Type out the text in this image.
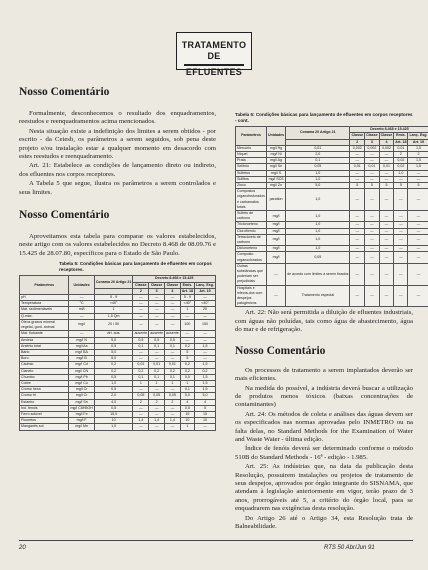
TRATAMENTO
DE
EFLUENTES
Nosso Comentário

Formalmente, desconhecemos o resultado dos enquadramentos, reestudos e reenquadramentos acima mencionados.

Nesta situação existe a indefinição dos limites a serem obtidos - por escrito - da Cetesb, os parâmetros a serem seguidos, sob pena deste projeto e/ou instalação estar a qualquer momento em desacordo com estes reestudos e reenquadramento.

Art. 21: Estabelece as condições de lançamento direto ou indireto, dos efluentes nos corpos receptores.

A Tabela 5 que segue, ilustra os parâmetros a serem controlados e seus limites.

Nosso Comentário

Aproveitamos esta tabela para comparar os valores estabelecidos, neste artigo com os valores estabelecidos no Decreto 8.468 de 08.09.76 e 15.425 de 28.07.80, específicos para o Estado de São Paulo.

Tabela 5: Condições básicas para lançamento de efluentes em corpos receptores.
Parâmetros	Unidades	Conama 20 Artigo 21	Decreto 8.468 e 15.425				
			Classe	Classe	Classe	Emis.	Lanç. Esg.
			2	3	4	Art. 18	Art. 19
pH	—	5 - 9	—	—	—	5 - 9	—
Temperatura	°C	<40°	—	—	—	<40°	<40°
Mat. sedimentáveis	ml/l	1	—	—	—	1	20
Q.máx.	—	1,5 Qm	—	—	—	—	—
Óleos graxos mineral vegetal, gord. animal	mg/l	20 / 50	—	—	—	100	150
Mat. flutuante	—	virt. aus.	ausente	ausente	ausente	—	—
Amônia	mg/l N	5,0	0,5	0,5	0,5	—	—
Arsênio total	mg/l As	0,5	0,1	0,1	0,1	0,2	1,5
Bário	mg/l BA	5,0	—	—	—	5	—
Boro	mg/l B	5,0	—	—	—	5	—
Cádmio	mg/l Cd	0,2	0,01	0,01	0,01	0,2	1,5
Cianeto	mg/l CN	0,2	0,2	0,2	0,2	0,2	0,2
Chumbo	mg/l Pb	0,5	0,1	0,1	0,1	0,5	1,5
Cobre	mg/l Cu	1,0	1	1	1	1	1,5
Cromo hexa	mg/l Cr	0,5	—	—	—	0,1	1,5
Cromo tri	mg/l Cr	2,0	0,05	0,05	0,05	5,0	5,0
Estanho	mg/l Sn	4,0	2	2	2	4	4
Índ. fenóis	mg/l C6H5OH	0,5	—	—	—	0,5	5
Ferro solúvel	mg/l Fe	15,0	—	—	—	15	15
Fluoretos	mg/l F	10	1,4	1,4	1,4	10	10
Manganês sol.	mg/l Mn	1,0	—	—	—	1	—
Tabela 5: Condições básicas para lançamento de efluentes em corpos receptores - cont.
Parâmetros	Unidades	Conama 20 Artigo 21	Decreto 8.468 e 15.425				
			Classe	Classe	Classe	Emis.	Lanç. Esg.
			2	3	4	Art. 18	Art. 19
Mercúrio	mg/l Hg	0,01	0,002	0,002	0,002	0,01	1,5
Níquel	mg/l Ni	2,0	—	—	—	2	2
Prata	mg/l Ag	0,1	—	—	—	0,02	1,5
Selênio	mg/l Se	0,05	0,01	0,01	0,01	0,02	1,5
Sulfetos	mg/l S	1,0	—	—	—	1,0	—
Sulfitos	mg/l SO3	1,0	—	—	—	—	—
Zinco	mg/l Zn	5,0	5	5	5	5	5
Compostos organofosforados e carbamatos totais	paration	1,0	—	—	—	—	—
Sulfeto de carbono	mg/l	1,0	—	—	—	—	—
Tricloroeteno	mg/l	1,0	—	—	—	—	—
Clorofórmio	mg/l	1,0	—	—	—	—	—
Tetracloreto de carbono	mg/l	1,0	—	—	—	—	—
Dicloroeteno	mg/l	1,0	—	—	—	—	—
Composto organoclorados	mg/l	0,05	—	—	—	—	—
Outras substâncias que poderiam ser prejudiciais	—	de acordo com limites a serem fixados	—	—	—	—	—
Hospitais e infecta-dos com despejos patogênicos	—	Tratamento especial	—	—	—	—	—

Art. 22: Não será permitida a diluição de efluentes industriais, com águas não poluídas, tais como água de abastecimento, água do mar e de refrigeração.

Nosso Comentário

Os processos de tratamento a serem implantados deverão ser mais eficientes.

Na medida do possível, a indústria deverá buscar a utilização de produtos menos tóxicos (baixas concentrações de contaminantes)

Art. 24: Os métodos de coleta e análises das águas devem ser os especificados nas normas aprovadas pelo INMETRO ou na falta delas, no Standard Methods for the Examination of Water and Waste Water - última edição.

Índice de fenóis deverá ser determinado conforme o método 510B do Standard Methods - 16ª - edição - 1.985.

Art. 25: As indústrias que, na data da publicação desta Resolução, possuirem instalações ou projetos de tratamento de seus despejos, aprovados por órgão integrante do SISNAMA, que atendam à legislação anteriormente em vigor, terão prazo de 3 anos, prorrogáveis até 5, a critério do órgão local, para se enquadrarem nas exigências desta resolução.

Do Artigo 26 até o Artigo 34, esta Resolução trata de Balneabilidade.

20	RTS 50 Abr/Jun 91
